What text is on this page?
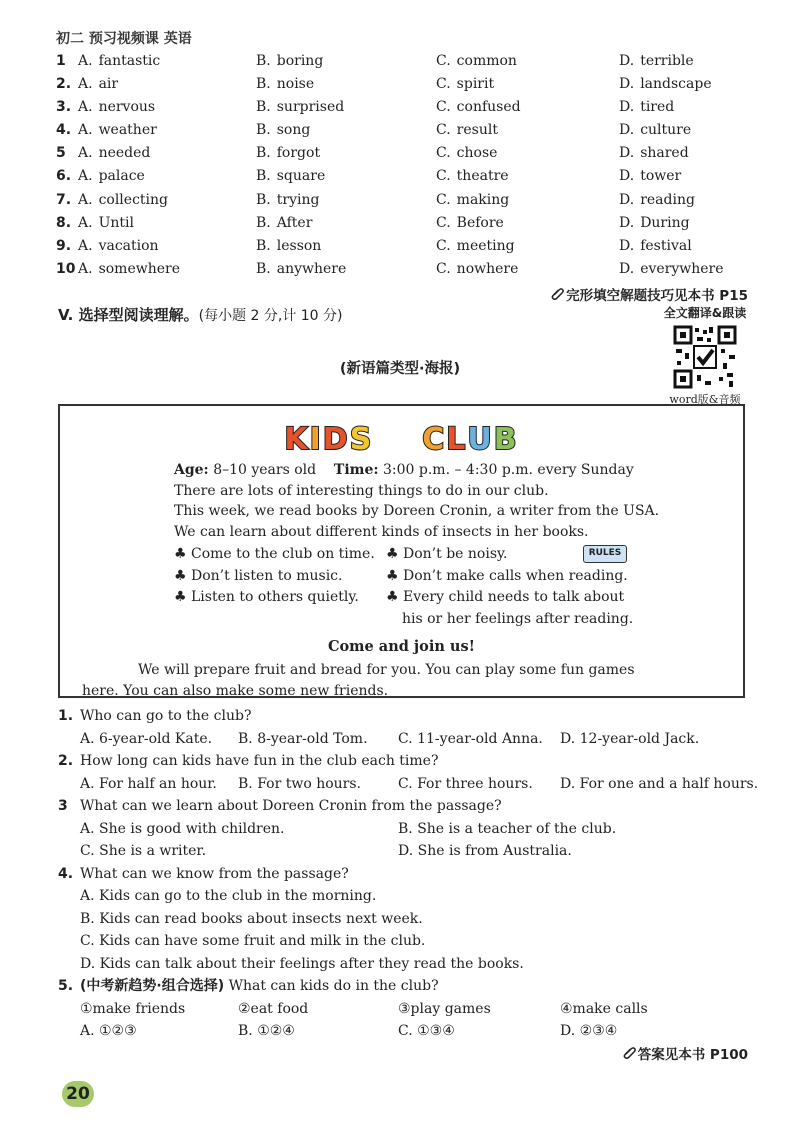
初二 预习视频课 英语
1 A. fantastic	B. boring	C. common	D. terrible
2. A. air	B. noise	C. spirit	D. landscape
3. A. nervous	B. surprised	C. confused	D. tired
4. A. weather	B. song	C. result	D. culture
5 A. needed	B. forgot	C. chose	D. shared
6. A. palace	B. square	C. theatre	D. tower
7. A. collecting	B. trying	C. making	D. reading
8. A. Until	B. After	C. Before	D. During
9. A. vacation	B. lesson	C. meeting	D. festival
10 A. somewhere	B. anywhere	C. nowhere	D. everywhere
完形填空解题技巧见本书 P15
V. 选择型阅读理解。(每小题 2 分,计 10 分)	全文翻译&跟读
word版&音频
(新语篇类型·海报)
KIDS CLUB
Age: 8–10 years old Time: 3:00 p.m. – 4:30 p.m. every Sunday
There are lots of interesting things to do in our club.
This week, we read books by Doreen Cronin, a writer from the USA.
We can learn about different kinds of insects in her books.
♣ Come to the club on time. ♣ Don’t be noisy.
♣ Don’t listen to music.	♣ Don’t make calls when reading.
♣ Listen to others quietly. ♣ Every child needs to talk about
his or her feelings after reading.
RULES
Come and join us!
We will prepare fruit and bread for you. You can play some fun games
here. You can also make some new friends.
1. Who can go to the club?
A. 6-year-old Kate. B. 8-year-old Tom. C. 11-year-old Anna. D. 12-year-old Jack.
2. How long can kids have fun in the club each time?
A. For half an hour. B. For two hours.	C. For three hours. D. For one and a half hours.
3 What can we learn about Doreen Cronin from the passage?
A. She is good with children.	B. She is a teacher of the club.
C. She is a writer.	D. She is from Australia.
4. What can we know from the passage?
A. Kids can go to the club in the morning.
B. Kids can read books about insects next week.
C. Kids can have some fruit and milk in the club.
D. Kids can talk about their feelings after they read the books.
5. (中考新趋势·组合选择) What can kids do in the club?
①make friends	②eat food	③play games	④make calls
A. ①②③	B. ①②④	C. ①③④	D. ②③④
答案见本书 P100
20
